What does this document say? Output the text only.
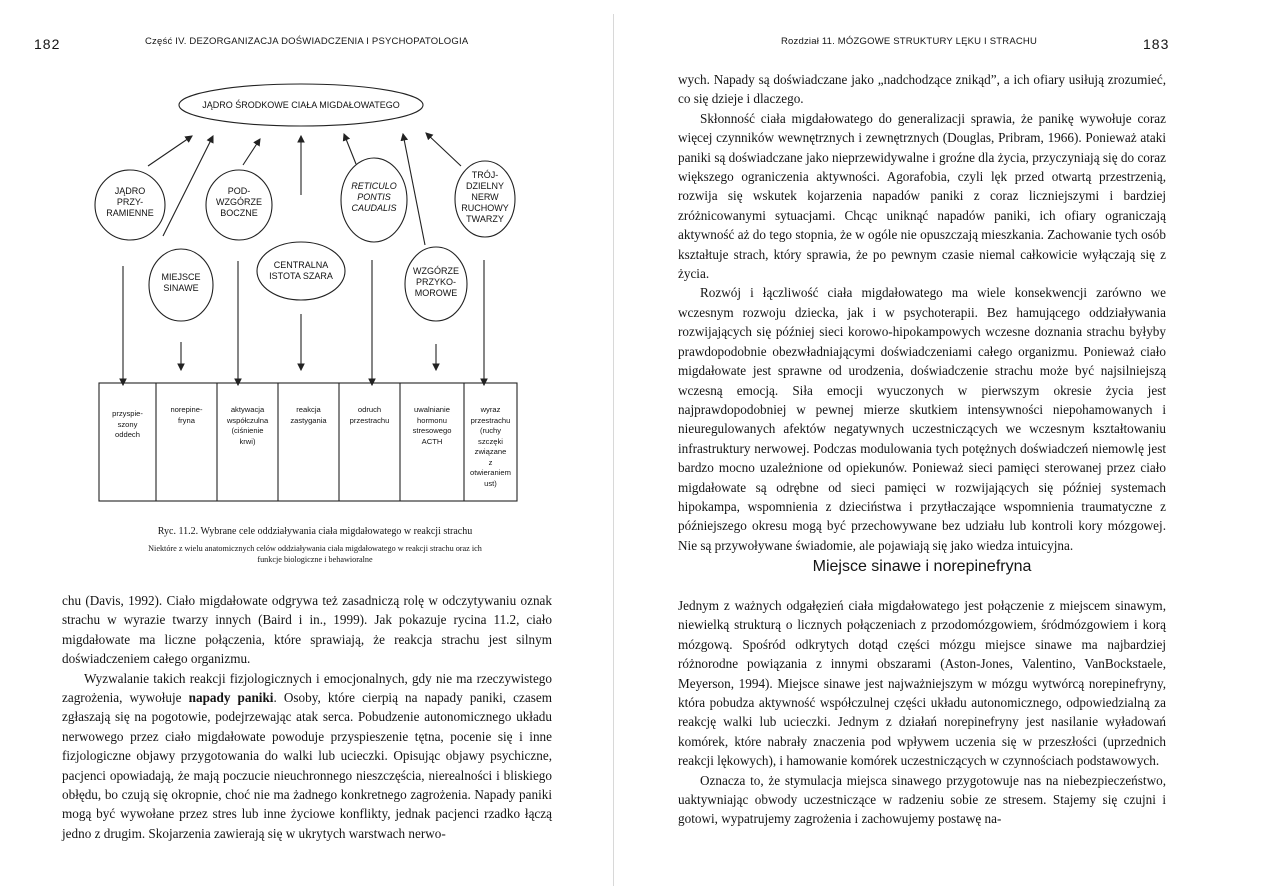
182	Część IV. DEZORGANIZACJA DOŚWIADCZENIA I PSYCHOPATOLOGIA
JĄDRO ŚRODKOWE CIAŁA MIGDAŁOWATEGO
JĄDRO
PRZY-
RAMIENNE
POD-
WZGÓRZE
BOCZNE
RETICULO
PONTIS
CAUDALIS
TRÓJ-
DZIELNY
NERW
RUCHOWY
TWARZY
MIEJSCE
SINAWE
CENTRALNA
ISTOTA SZARA	WZGÓRZE
PRZYKO-
MOROWE
przyspie-
szony
oddech
norepine-
fryna
aktywacja
współczulna
(ciśnienie
krwi)
reakcja
zastygania
odruch
przestrachu
uwalnianie
hormonu
stresowego
ACTH
wyraz
przestrachu
(ruchy
szczęki
związane
z
otwieraniem
ust)
Ryc. 11.2. Wybrane cele oddziaływania ciała migdałowatego w reakcji strachu
Niektóre z wielu anatomicznych celów oddziaływania ciała migdałowatego w reakcji strachu oraz ich
funkcje biologiczne i behawioralne

chu (Davis, 1992). Ciało migdałowate odgrywa też zasadniczą rolę w odczytywaniu oznak strachu w wyrazie twarzy innych (Baird i in., 1999). Jak pokazuje rycina 11.2, ciało migdałowate ma liczne połączenia, które sprawiają, że reakcja strachu jest silnym doświadczeniem całego organizmu.

Wyzwalanie takich reakcji fizjologicznych i emocjonalnych, gdy nie ma rzeczywistego zagrożenia, wywołuje napady paniki. Osoby, które cierpią na napady paniki, czasem zgłaszają się na pogotowie, podejrzewając atak serca. Pobudzenie autonomicznego układu nerwowego przez ciało migdałowate powoduje przyspieszenie tętna, pocenie się i inne fizjologiczne objawy przygotowania do walki lub ucieczki. Opisując objawy psychiczne, pacjenci opowiadają, że mają poczucie nieuchronnego nieszczęścia, nierealności i bliskiego obłędu, bo czują się okropnie, choć nie ma żadnego konkretnego zagrożenia. Napady paniki mogą być wywołane przez stres lub inne życiowe konflikty, jednak pacjenci rzadko łączą jedno z drugim. Skojarzenia zawierają się w ukrytych warstwach nerwo-

Rozdział 11. MÓZGOWE STRUKTURY LĘKU I STRACHU	183

wych. Napady są doświadczane jako „nadchodzące znikąd”, a ich ofiary usiłują zrozumieć, co się dzieje i dlaczego.

Skłonność ciała migdałowatego do generalizacji sprawia, że panikę wywołuje coraz więcej czynników wewnętrznych i zewnętrznych (Douglas, Pribram, 1966). Ponieważ ataki paniki są doświadczane jako nieprzewidywalne i groźne dla życia, przyczyniają się do coraz większego ograniczenia aktywności. Agorafobia, czyli lęk przed otwartą przestrzenią, rozwija się wskutek kojarzenia napadów paniki z coraz liczniejszymi i bardziej zróżnicowanymi sytuacjami. Chcąc uniknąć napadów paniki, ich ofiary ograniczają aktywność aż do tego stopnia, że w ogóle nie opuszczają mieszkania. Zachowanie tych osób kształtuje strach, który sprawia, że po pewnym czasie niemal całkowicie wyłączają się z życia.

Rozwój i łączliwość ciała migdałowatego ma wiele konsekwencji zarówno we wczesnym rozwoju dziecka, jak i w psychoterapii. Bez hamującego oddziaływania rozwijających się później sieci korowo-hipokampowych wczesne doznania strachu byłyby prawdopodobnie obezwładniającymi doświadczeniami całego organizmu. Ponieważ ciało migdałowate jest sprawne od urodzenia, doświadczenie strachu może być najsilniejszą wczesną emocją. Siła emocji wyuczonych w pierwszym okresie życia jest najprawdopodobniej w pewnej mierze skutkiem intensywności niepohamowanych i nieuregulowanych afektów negatywnych uczestniczących we wczesnym kształtowaniu infrastruktury nerwowej. Podczas modulowania tych potężnych doświadczeń niemowlę jest bardzo mocno uzależnione od opiekunów. Ponieważ sieci pamięci sterowanej przez ciało migdałowate są odrębne od sieci pamięci w rozwijających się później systemach hipokampa, wspomnienia z dzieciństwa i przytłaczające wspomnienia traumatyczne z późniejszego okresu mogą być przechowywane bez udziału lub kontroli kory mózgowej. Nie są przywoływane świadomie, ale pojawiają się jako wiedza intuicyjna.

Miejsce sinawe i norepinefryna

Jednym z ważnych odgałęzień ciała migdałowatego jest połączenie z miejscem sinawym, niewielką strukturą o licznych połączeniach z przodomózgowiem, śródmózgowiem i korą mózgową. Spośród odkrytych dotąd części mózgu miejsce sinawe ma najbardziej różnorodne powiązania z innymi obszarami (Aston-Jones, Valentino, VanBockstaele, Meyerson, 1994). Miejsce sinawe jest najważniejszym w mózgu wytwórcą norepinefryny, która pobudza aktywność współczulnej części układu autonomicznego, odpowiedzialną za reakcję walki lub ucieczki. Jednym z działań norepinefryny jest nasilanie wyładowań komórek, które nabrały znaczenia pod wpływem uczenia się w przeszłości (uprzednich reakcji lękowych), i hamowanie komórek uczestniczących w czynnościach podstawowych.

Oznacza to, że stymulacja miejsca sinawego przygotowuje nas na niebezpieczeństwo, uaktywniając obwody uczestniczące w radzeniu sobie ze stresem. Stajemy się czujni i gotowi, wypatrujemy zagrożenia i zachowujemy postawę na-
